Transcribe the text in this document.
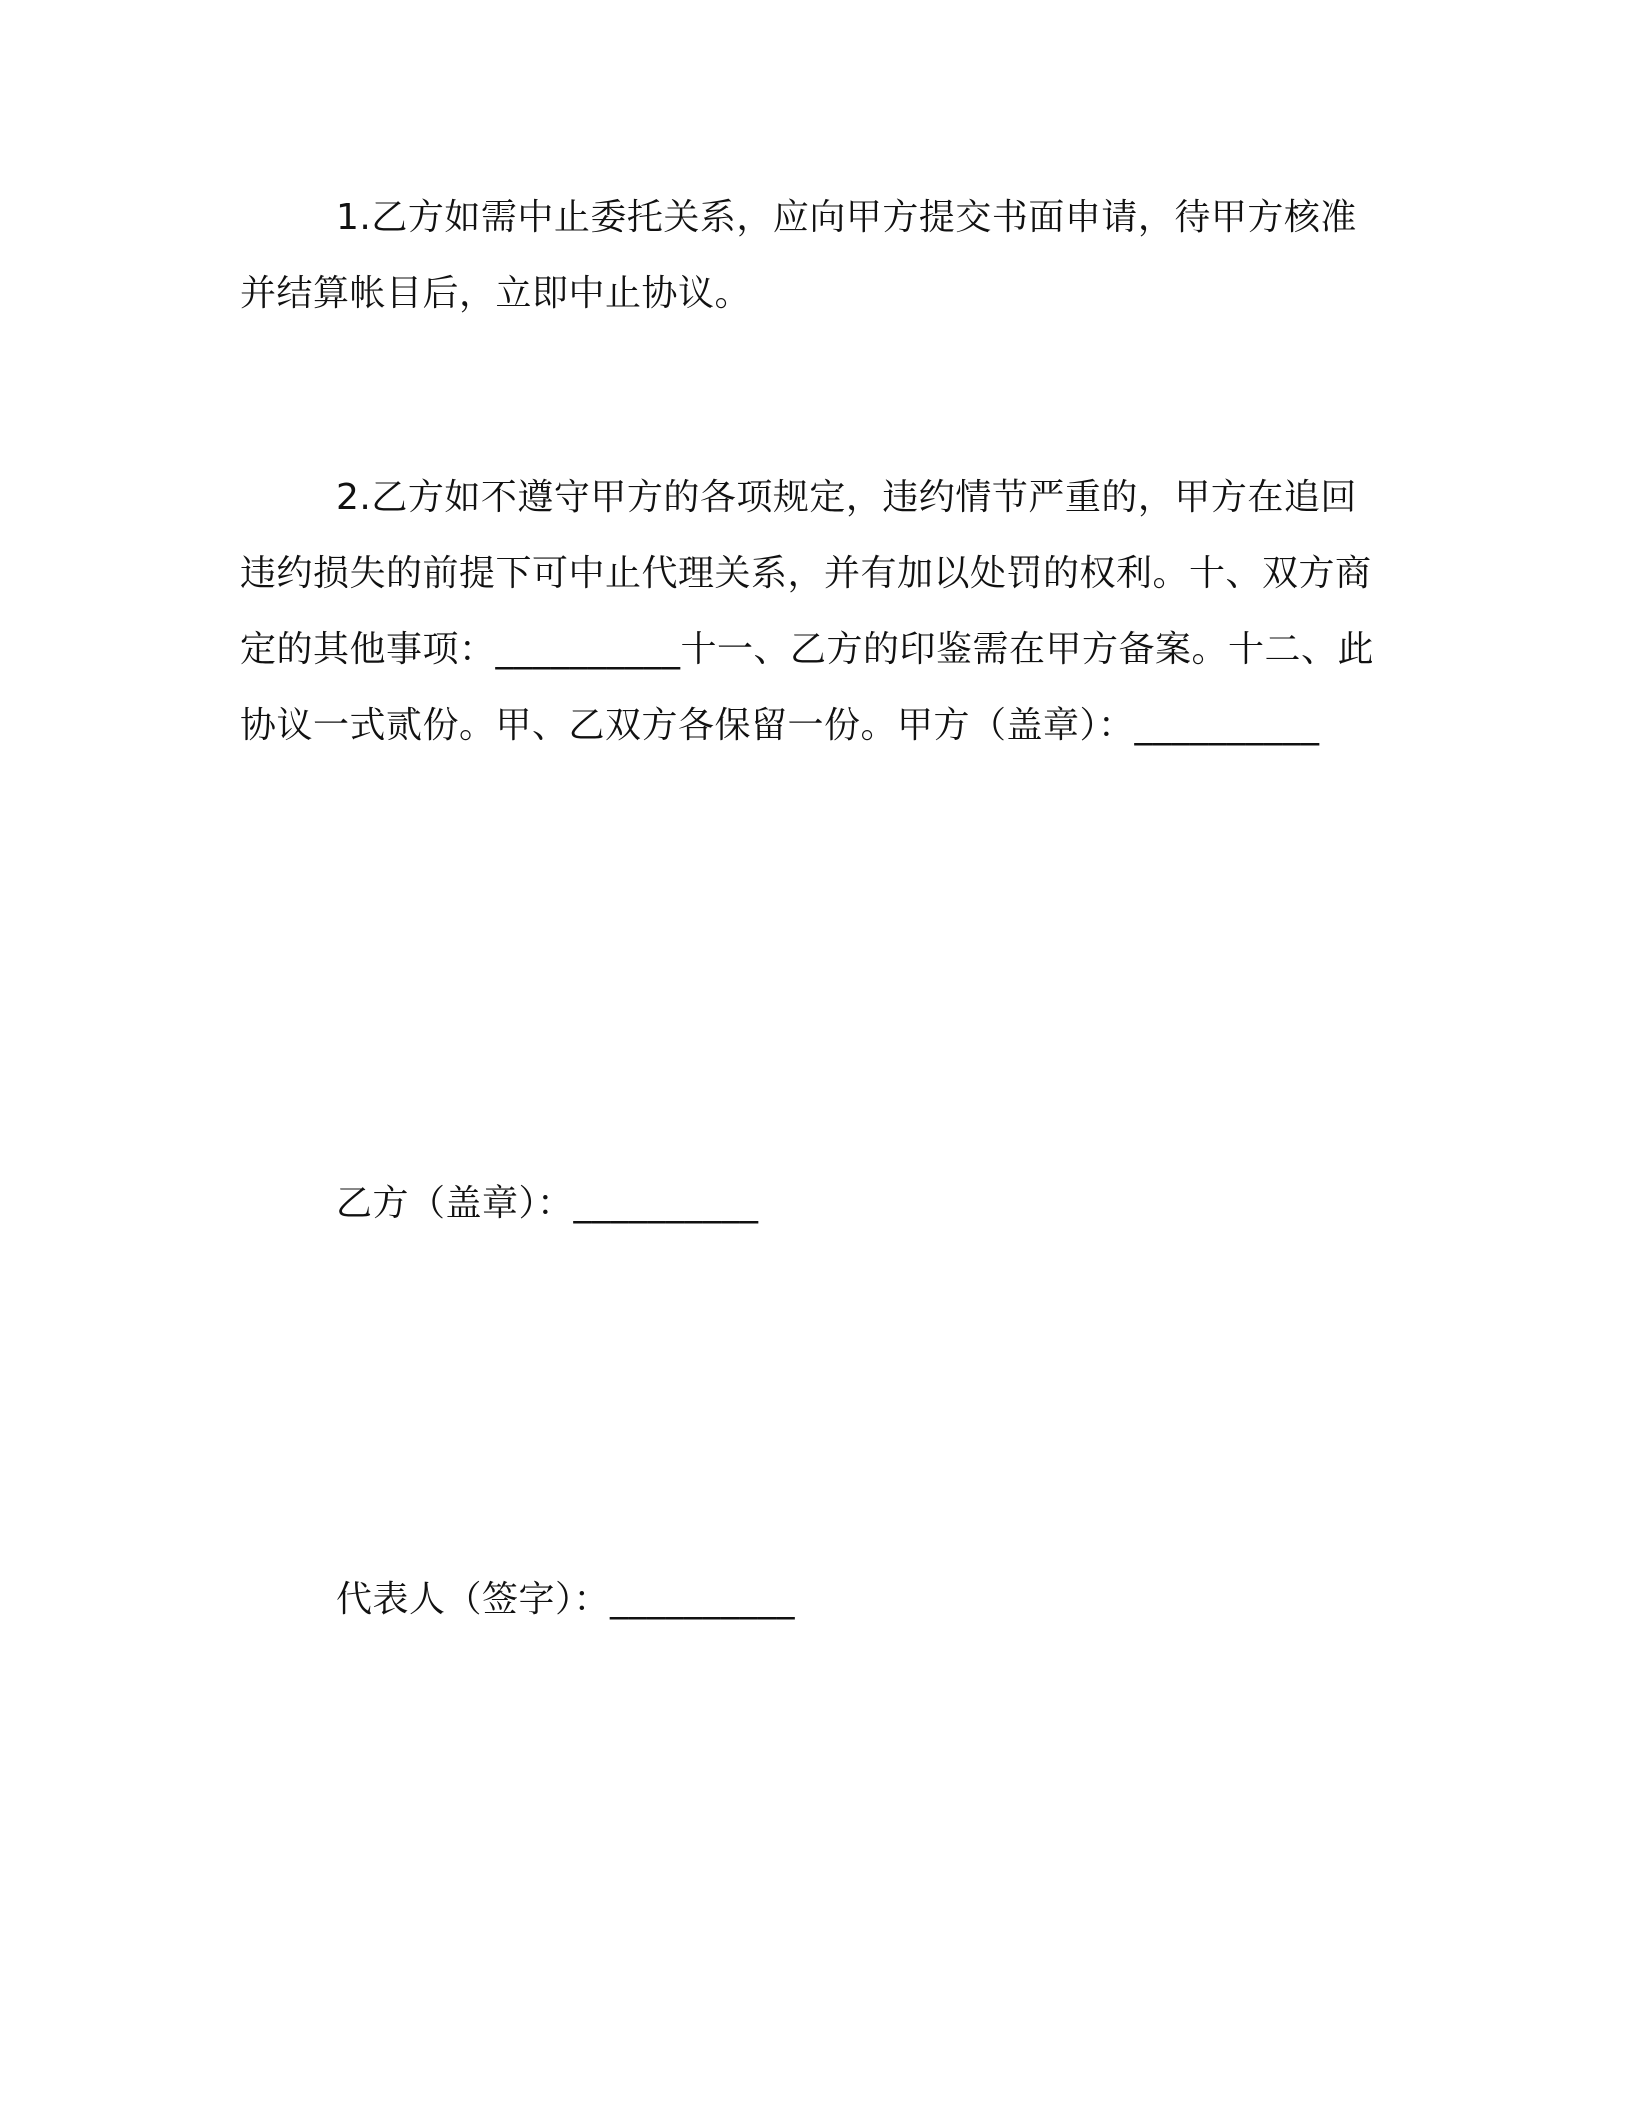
1.乙方如需中止委托关系，应向甲方提交书面申请，待甲方核准并结算帐目后，立即中止协议。

2.乙方如不遵守甲方的各项规定，违约情节严重的，甲方在追回违约损失的前提下可中止代理关系，并有加以处罚的权利。十、双方商定的其他事项：__________十一、乙方的印鉴需在甲方备案。十二、此协议一式贰份。甲、乙双方各保留一份。甲方（盖章）：__________

乙方（盖章）：__________

代表人（签字）：__________
